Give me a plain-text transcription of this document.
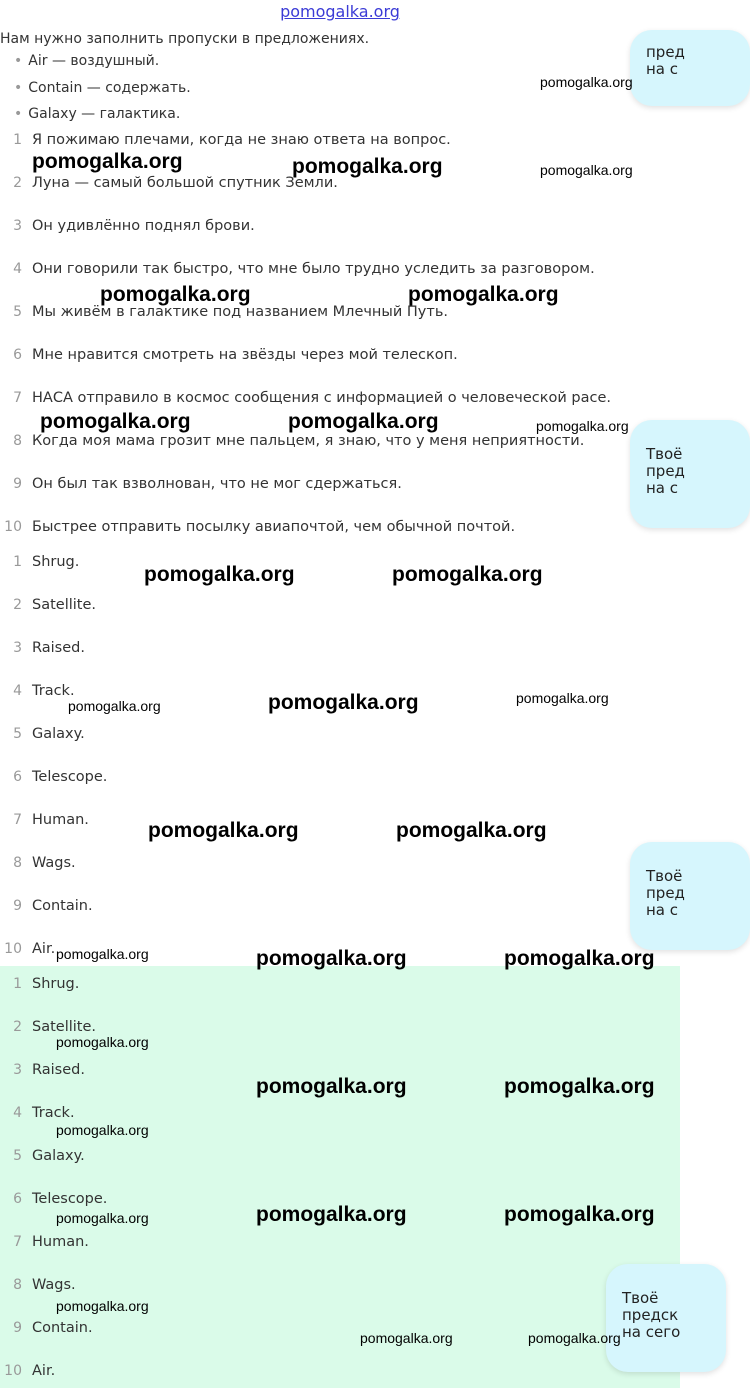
pomogalka.org
Нам нужно заполнить пропуски в предложениях.
• Air — воздушный.
• Contain — содержать.
• Galaxy — галактика.
1 Я пожимаю плечами, когда не знаю ответа на вопрос.
2 Луна — самый большой спутник Земли.
3 Он удивлённо поднял брови.
4 Они говорили так быстро, что мне было трудно уследить за разговором.
5 Мы живём в галактике под названием Млечный Путь.
6 Мне нравится смотреть на звёзды через мой телескоп.
7 НАСА отправило в космос сообщения с информацией о человеческой расе.
8 Когда моя мама грозит мне пальцем, я знаю, что у меня неприятности.
9 Он был так взволнован, что не мог сдержаться.
10 Быстрее отправить посылку авиапочтой, чем обычной почтой.
1 Shrug.
2 Satellite.
3 Raised.
4 Track.
5 Galaxy.
6 Telescope.
7 Human.
8 Wags.
9 Contain.
10 Air.
1 Shrug.
2 Satellite.
3 Raised.
4 Track.
5 Galaxy.
6 Telescope.
7 Human.
8 Wags.
9 Contain.
10 Air.
пред
на с
Твоё
пред
на с
Твоё
пред
на с
Твоё
предск
на сего
pomogalka.org
pomogalka.org	pomogalka.org	pomogalka.org
pomogalka.org	pomogalka.org
pomogalka.org	pomogalka.org	pomogalka.org
pomogalka.org	pomogalka.org
pomogalka.org	pomogalka.org	pomogalka.org
pomogalka.org	pomogalka.org
pomogalka.org	pomogalka.org	pomogalka.org
pomogalka.org
pomogalka.org	pomogalka.org
pomogalka.org
pomogalka.org	pomogalka.org	pomogalka.org
pomogalka.org
pomogalka.org	pomogalka.org
